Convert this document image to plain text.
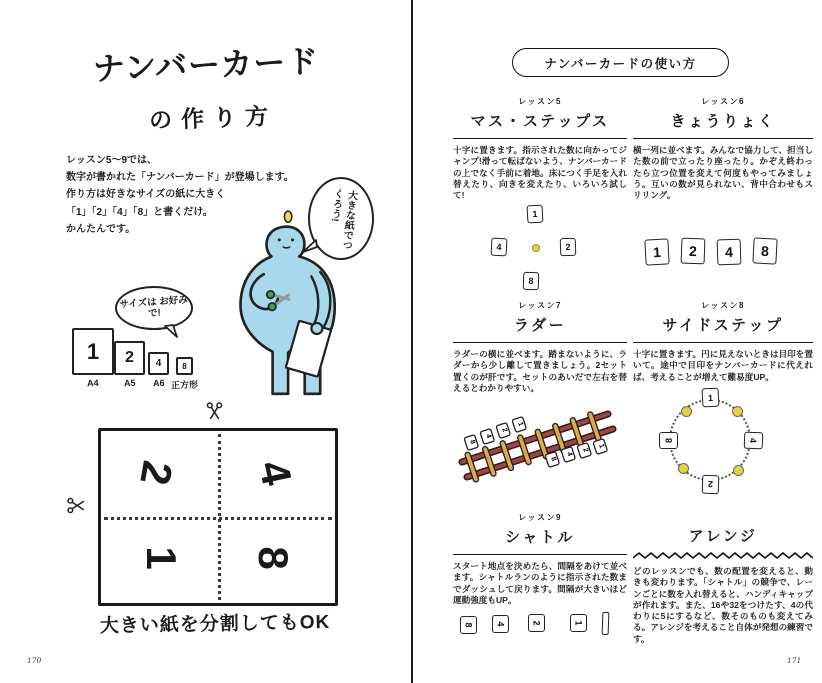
ナンバーカード
の作り方
レッスン5〜9では、
数字が書かれた「ナンバーカード」が登場します。
作り方は好きなサイズの紙に大きく
「1」「2」「4」「8」と書くだけ。
かんたんです。	大きな紙でつくろう!
サイズは お好みで!
1
A4
2
A5
4
A6
8
正方形
2 4
1 8
大きい紙を分割してもOK
170
ナンバーカードの使い方
レッスン5
マス・ステップス
十字に置きます。指示された数に向かってジャンプ!滑って転ばないよう、ナンバーカードの上でなく手前に着地。床につく手足を入れ替えたり、向きを変えたり、いろいろ試して!
1
4	2
8
レッスン6
きょうりょく
横一列に並べます。みんなで協力して、担当した数の前で立ったり座ったり。かぞえ終わったら立つ位置を変えて何度もやってみましょう。互いの数が見られない、背中合わせもスリリング。
1	2	4	8
レッスン7
ラダー
ラダーの横に並べます。踏まないように、ラダーから少し離して置きましょう。2セット置くのが肝です。セットのあいだで左右を替えるとわかりやすい。
8
4
2
1
8
4
2
1
レッスン8
サイドステップ
十字に置きます。円に見えないときは目印を置いて。途中で目印をナンバーカードに代えれば、考えることが増えて難易度UP。
1
4
2
8
レッスン9
シャトル
スタート地点を決めたら、間隔をあけて並べます。シャトルランのように指示された数までダッシュして戻ります。間隔が大きいほど運動強度もUP。
8 4	2	1
アレンジ
どのレッスンでも、数の配置を変えると、動きも変わります。「シャトル」の競争で、レーンごとに数を入れ替えると、ハンディキャップが作れます。また、16や32をつけたす、4の代わりに5にするなど、数そのものも変えてみる。アレンジを考えること自体が発想の練習です。
171
